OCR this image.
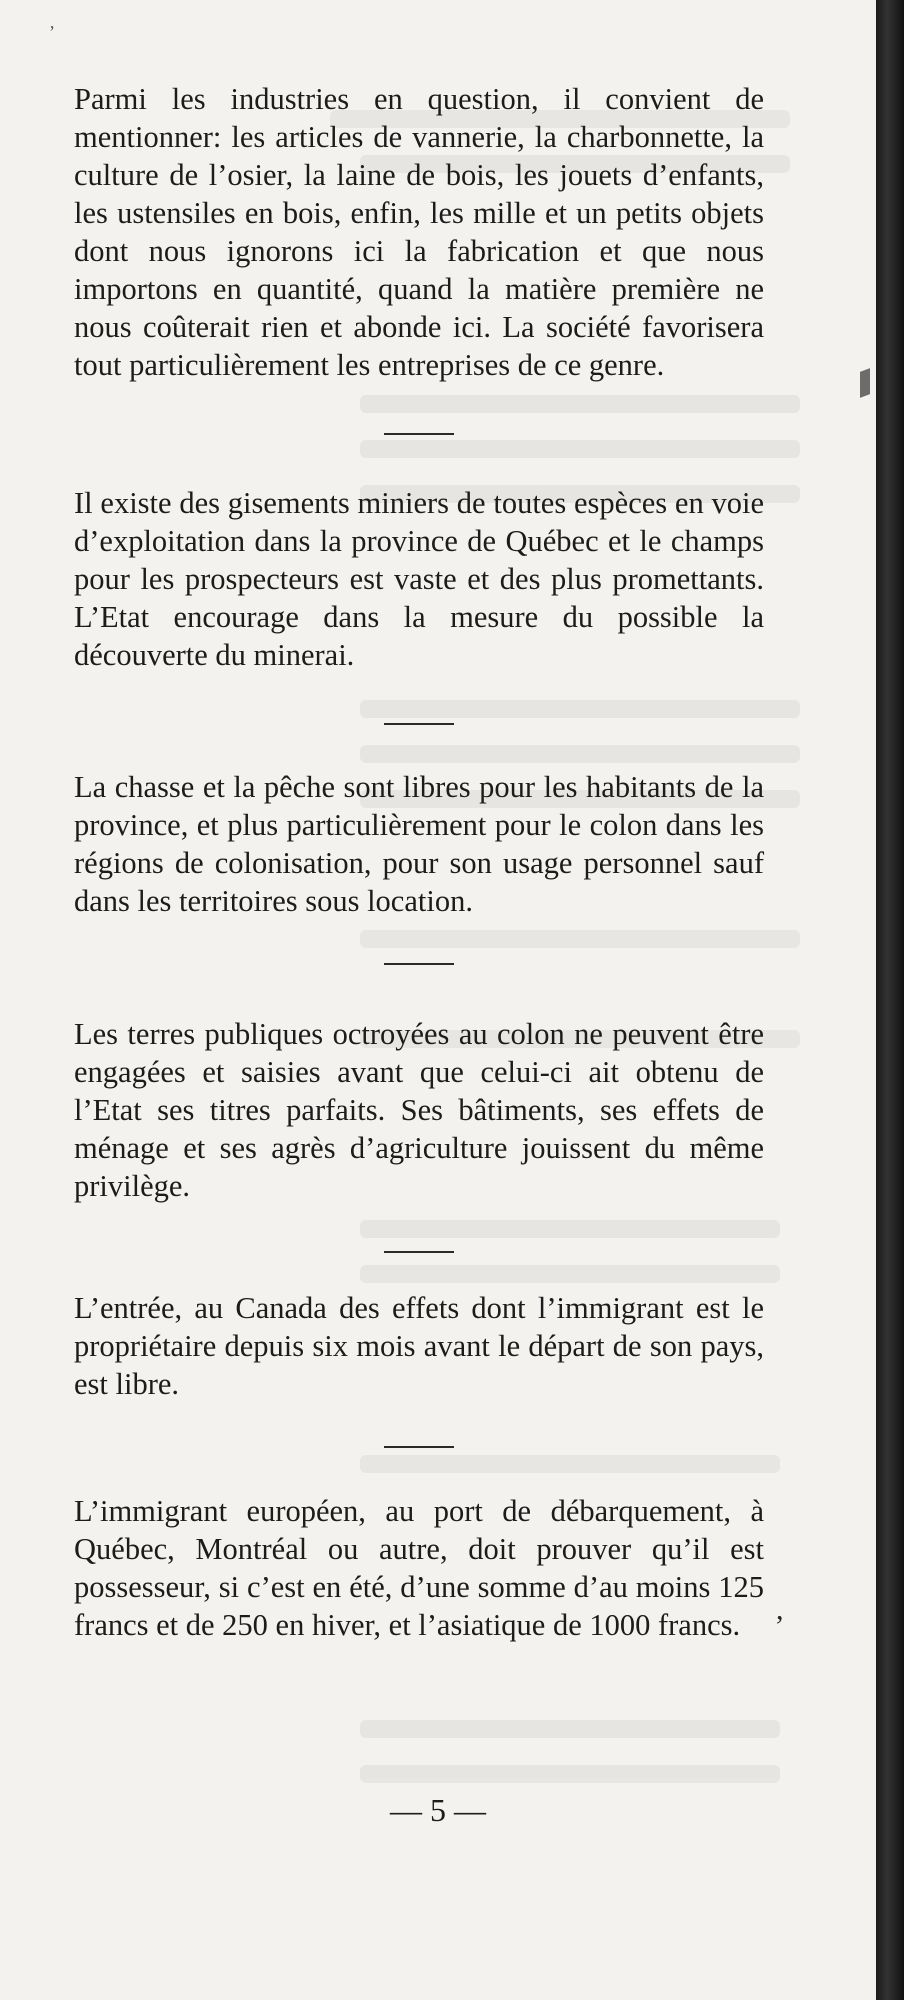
’

Parmi les industries en question, il convient de mentionner: les articles de vannerie, la charbonnette, la culture de l’osier, la laine de bois, les jouets d’enfants, les ustensiles en bois, enfin, les mille et un petits objets dont nous ignorons ici la fabrication et que nous importons en quantité, quand la matière première ne nous coûterait rien et abonde ici. La société favorisera tout particulièrement les entreprises de ce genre.

Il existe des gisements miniers de toutes espèces en voie d’exploitation dans la province de Québec et le champs pour les prospecteurs est vaste et des plus promettants. L’Etat encourage dans la mesure du possible la découverte du minerai.

La chasse et la pêche sont libres pour les habitants de la province, et plus particulièrement pour le colon dans les régions de colonisation, pour son usage personnel sauf dans les territoires sous location.

Les terres publiques octroyées au colon ne peuvent être engagées et saisies avant que celui-ci ait obtenu de l’Etat ses titres parfaits. Ses bâtiments, ses effets de ménage et ses agrès d’agriculture jouissent du même privilège.

L’entrée, au Canada des effets dont l’immigrant est le propriétaire depuis six mois avant le départ de son pays, est libre.

L’immigrant européen, au port de débarquement, à Québec, Montréal ou autre, doit prouver qu’il est possesseur, si c’est en été, d’une somme d’au moins 125 francs et de 250 en hiver, et l’asiatique de 1000 francs.	,
— 5 —
